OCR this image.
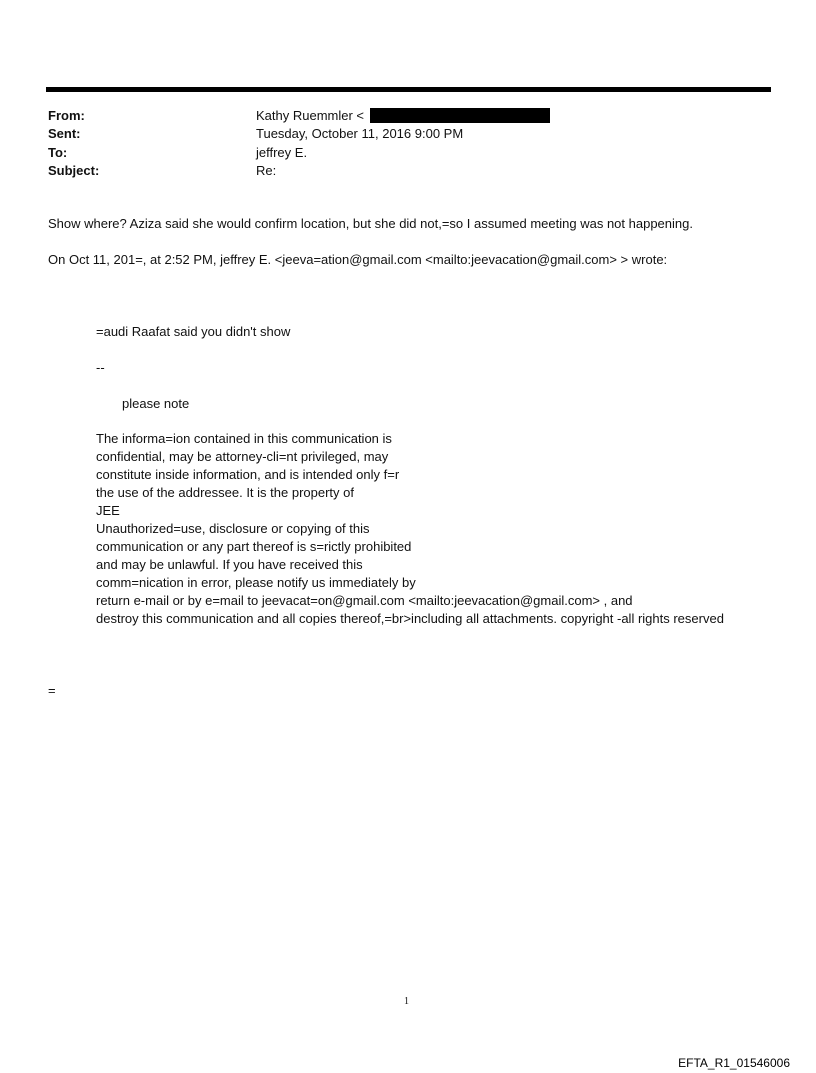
From:	Kathy Ruemmler <
Sent:	Tuesday, October 11, 2016 9:00 PM
To:	jeffrey E.
Subject:	Re:
Show where? Aziza said she would confirm location, but she did not,=so I assumed meeting was not happening.
On Oct 11, 201=, at 2:52 PM, jeffrey E. <jeeva=ation@gmail.com <mailto:jeevacation@gmail.com> > wrote:
=audi Raafat said you didn't show
--
please note
The informa=ion contained in this communication is
confidential, may be attorney-cli=nt privileged, may
constitute inside information, and is intended only f=r
the use of the addressee. It is the property of
JEE
Unauthorized=use, disclosure or copying of this
communication or any part thereof is s=rictly prohibited
and may be unlawful. If you have received this
comm=nication in error, please notify us immediately by
return e-mail or by e=mail to jeevacat=on@gmail.com <mailto:jeevacation@gmail.com> , and
destroy this communication and all copies thereof,=br>including all attachments. copyright -all rights reserved
=
1
EFTA_R1_01546006
